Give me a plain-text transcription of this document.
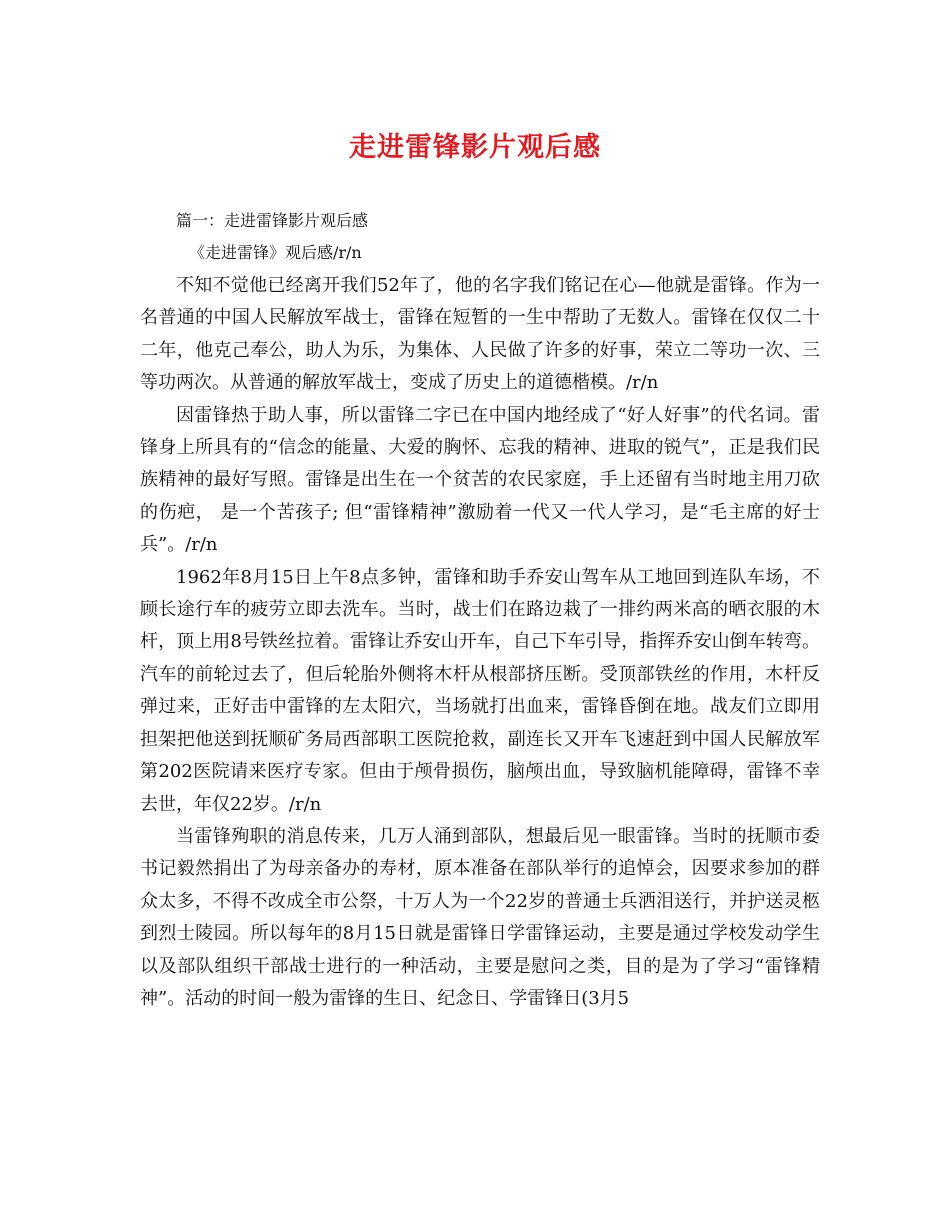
走进雷锋影片观后感

篇一：走进雷锋影片观后感

《走进雷锋》观后感/r/n

不知不觉他已经离开我们52年了，他的名字我们铭记在心—他就是雷锋。作为一名普通的中国人民解放军战士，雷锋在短暂的一生中帮助了无数人。雷锋在仅仅二十二年，他克己奉公，助人为乐，为集体、人民做了许多的好事，荣立二等功一次、三等功两次。从普通的解放军战士，变成了历史上的道德楷模。/r/n

因雷锋热于助人事，所以雷锋二字已在中国内地经成了“好人好事”的代名词。雷锋身上所具有的“信念的能量、大爱的胸怀、忘我的精神、进取的锐气”，正是我们民族精神的最好写照。雷锋是出生在一个贫苦的农民家庭，手上还留有当时地主用刀砍的伤疤， 是一个苦孩子; 但“雷锋精神”激励着一代又一代人学习，是“毛主席的好士兵”。/r/n

1962年8月15日上午8点多钟，雷锋和助手乔安山驾车从工地回到连队车场，不顾长途行车的疲劳立即去洗车。当时，战士们在路边栽了一排约两米高的晒衣服的木杆，顶上用8号铁丝拉着。雷锋让乔安山开车，自己下车引导，指挥乔安山倒车转弯。汽车的前轮过去了，但后轮胎外侧将木杆从根部挤压断。受顶部铁丝的作用，木杆反弹过来，正好击中雷锋的左太阳穴，当场就打出血来，雷锋昏倒在地。战友们立即用担架把他送到抚顺矿务局西部职工医院抢救，副连长又开车飞速赶到中国人民解放军第202医院请来医疗专家。但由于颅骨损伤，脑颅出血，导致脑机能障碍，雷锋不幸去世，年仅22岁。/r/n

当雷锋殉职的消息传来，几万人涌到部队，想最后见一眼雷锋。当时的抚顺市委书记毅然捐出了为母亲备办的寿材，原本准备在部队举行的追悼会，因要求参加的群众太多，不得不改成全市公祭，十万人为一个22岁的普通士兵洒泪送行，并护送灵柩到烈士陵园。所以每年的8月15日就是雷锋日学雷锋运动，主要是通过学校发动学生以及部队组织干部战士进行的一种活动，主要是慰问之类，目的是为了学习“雷锋精神”。活动的时间一般为雷锋的生日、纪念日、学雷锋日(3月5
